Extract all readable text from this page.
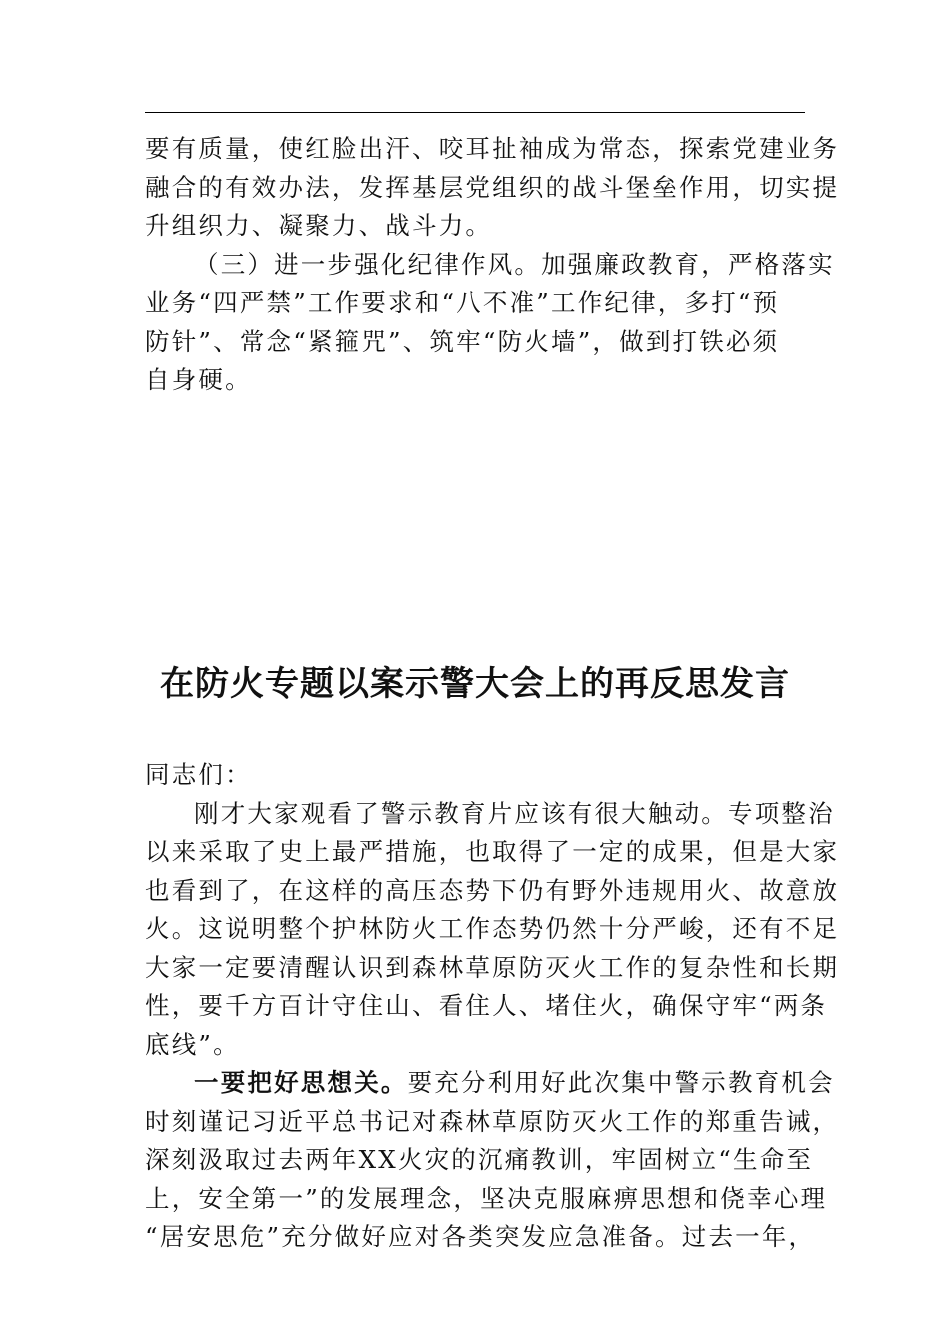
要有质量，使红脸出汗、咬耳扯袖成为常态，探索党建业务
融合的有效办法，发挥基层党组织的战斗堡垒作用，切实提
升组织力、凝聚力、战斗力。
（三）进一步强化纪律作风。加强廉政教育，严格落实
业务“四严禁”工作要求和“八不准”工作纪律，多打“预
防针”、常念“紧箍咒”、筑牢“防火墙”，做到打铁必须
自身硬。
在防火专题以案示警大会上的再反思发言
同志们：
刚才大家观看了警示教育片应该有很大触动。专项整治
以来采取了史上最严措施，也取得了一定的成果，但是大家
也看到了，在这样的高压态势下仍有野外违规用火、故意放
火。这说明整个护林防火工作态势仍然十分严峻，还有不足
大家一定要清醒认识到森林草原防灭火工作的复杂性和长期
性，要千方百计守住山、看住人、堵住火，确保守牢“两条
底线”。
一要把好思想关。要充分利用好此次集中警示教育机会
时刻谨记习近平总书记对森林草原防灭火工作的郑重告诫，
深刻汲取过去两年XX火灾的沉痛教训，牢固树立“生命至
上，安全第一”的发展理念，坚决克服麻痹思想和侥幸心理
“居安思危”充分做好应对各类突发应急准备。过去一年，
